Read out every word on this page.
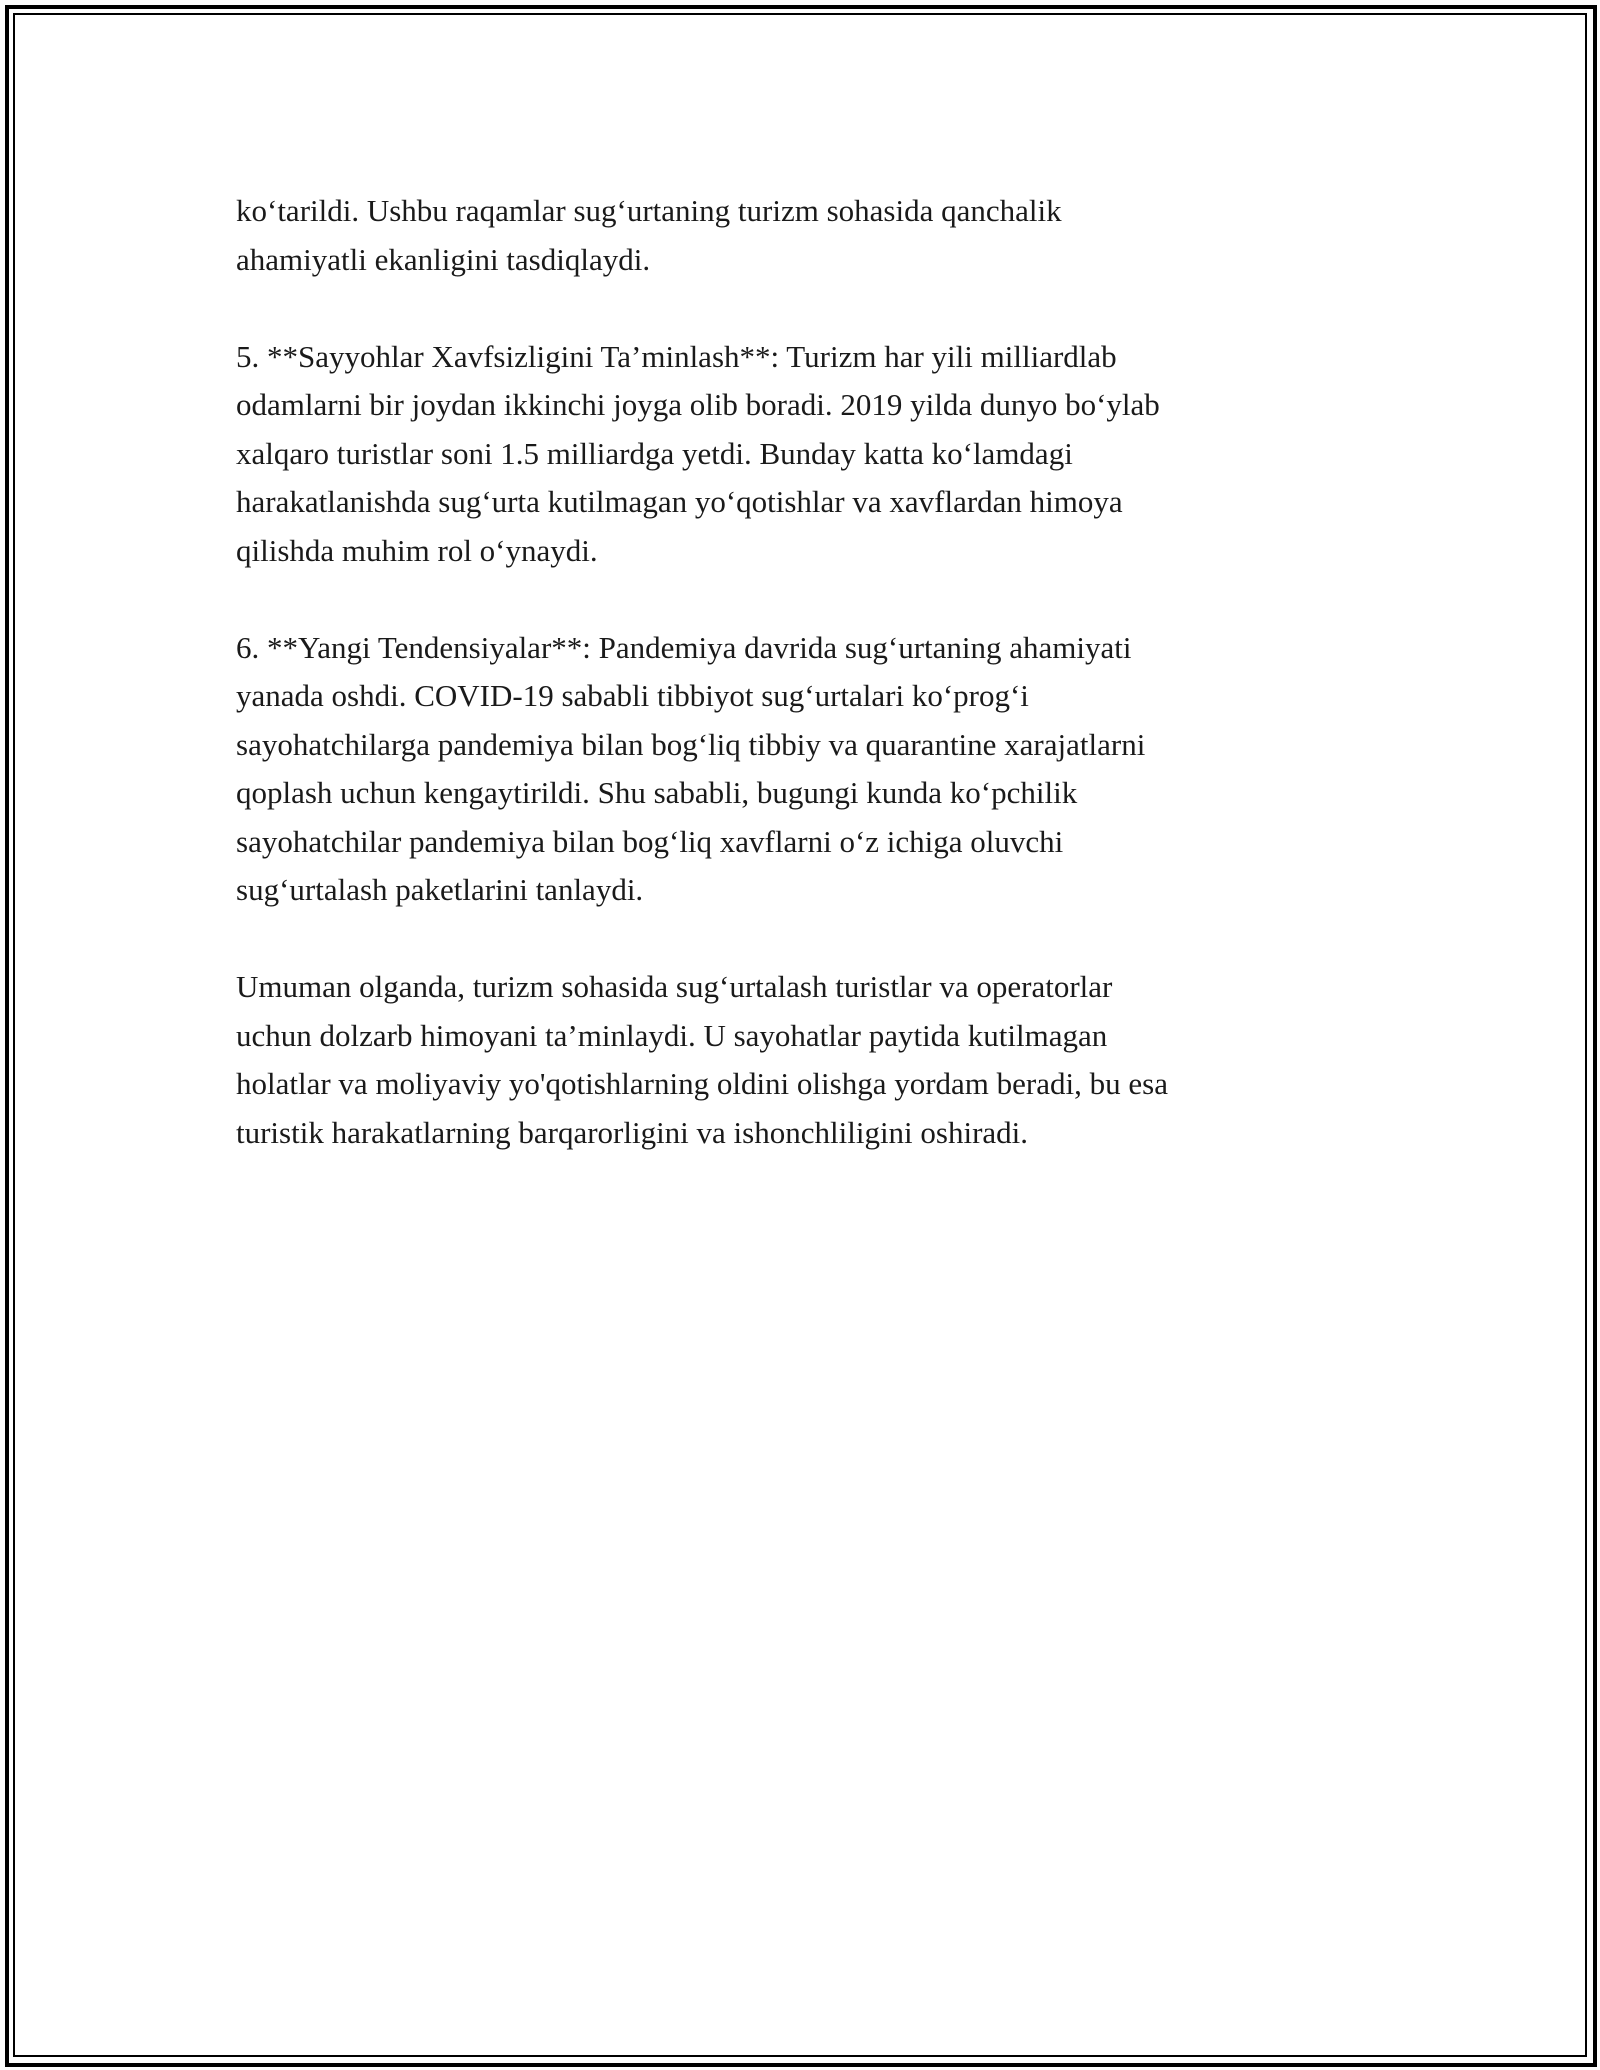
ko‘tarildi. Ushbu raqamlar sug‘urtaning turizm sohasida qanchalik
ahamiyatli ekanligini tasdiqlaydi.

5. **Sayyohlar Xavfsizligini Ta’minlash**: Turizm har yili milliardlab
odamlarni bir joydan ikkinchi joyga olib boradi. 2019 yilda dunyo bo‘ylab
xalqaro turistlar soni 1.5 milliardga yetdi. Bunday katta ko‘lamdagi
harakatlanishda sug‘urta kutilmagan yo‘qotishlar va xavflardan himoya
qilishda muhim rol o‘ynaydi.

6. **Yangi Tendensiyalar**: Pandemiya davrida sug‘urtaning ahamiyati
yanada oshdi. COVID-19 sababli tibbiyot sug‘urtalari ko‘prog‘i
sayohatchilarga pandemiya bilan bog‘liq tibbiy va quarantine xarajatlarni
qoplash uchun kengaytirildi. Shu sababli, bugungi kunda ko‘pchilik
sayohatchilar pandemiya bilan bog‘liq xavflarni o‘z ichiga oluvchi
sug‘urtalash paketlarini tanlaydi.

Umuman olganda, turizm sohasida sug‘urtalash turistlar va operatorlar
uchun dolzarb himoyani ta’minlaydi. U sayohatlar paytida kutilmagan
holatlar va moliyaviy yo'qotishlarning oldini olishga yordam beradi, bu esa
turistik harakatlarning barqarorligini va ishonchliligini oshiradi.
